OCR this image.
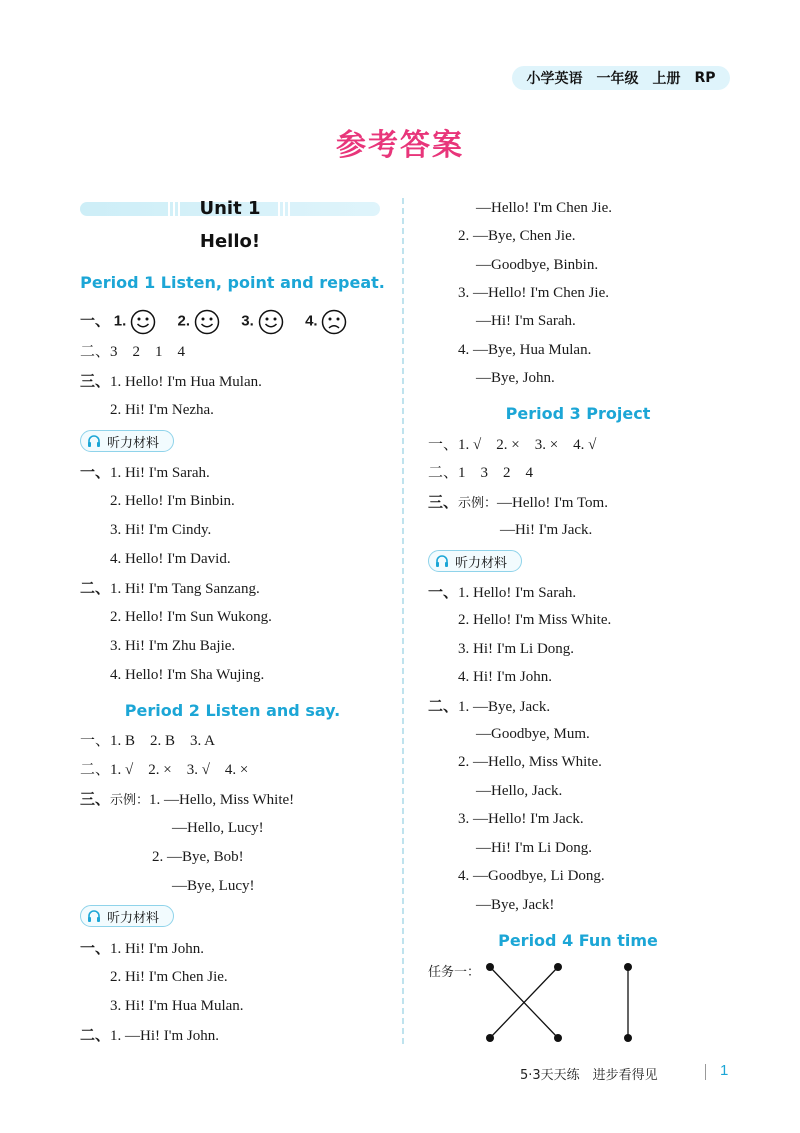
小学英语 一年级 上册 RP
参考答案
Unit 1
Hello!
Period 1 Listen, point and repeat.
一、 1.	2.	3.	4.
二、3　2　1　4
三、1. Hello! I'm Hua Mulan.
2. Hi! I'm Nezha.
听力材料
一、1. Hi! I'm Sarah.
2. Hello! I'm Binbin.
3. Hi! I'm Cindy.
4. Hello! I'm David.
二、1. Hi! I'm Tang Sanzang.
2. Hello! I'm Sun Wukong.
3. Hi! I'm Zhu Bajie.
4. Hello! I'm Sha Wujing.
Period 2 Listen and say.
一、1. B　2. B　3. A
二、1. √　2. ×　3. √　4. ×
三、示例：1. —Hello, Miss White!
—Hello, Lucy!
2. —Bye, Bob!
—Bye, Lucy!
听力材料
一、1. Hi! I'm John.
2. Hi! I'm Chen Jie.
3. Hi! I'm Hua Mulan.
二、1. —Hi! I'm John.
—Hello! I'm Chen Jie.
2. —Bye, Chen Jie.
—Goodbye, Binbin.
3. —Hello! I'm Chen Jie.
—Hi! I'm Sarah.
4. —Bye, Hua Mulan.
—Bye, John.
Period 3 Project
一、1. √　2. ×　3. ×　4. √
二、1　3　2　4
三、示例：—Hello! I'm Tom.
—Hi! I'm Jack.
听力材料
一、1. Hello! I'm Sarah.
2. Hello! I'm Miss White.
3. Hi! I'm Li Dong.
4. Hi! I'm John.
二、1. —Bye, Jack.
—Goodbye, Mum.
2. —Hello, Miss White.
—Hello, Jack.
3. —Hello! I'm Jack.
—Hi! I'm Li Dong.
4. —Goodbye, Li Dong.
—Bye, Jack!
Period 4 Fun time
任务一：
5·3天天练　进步看得见	1
